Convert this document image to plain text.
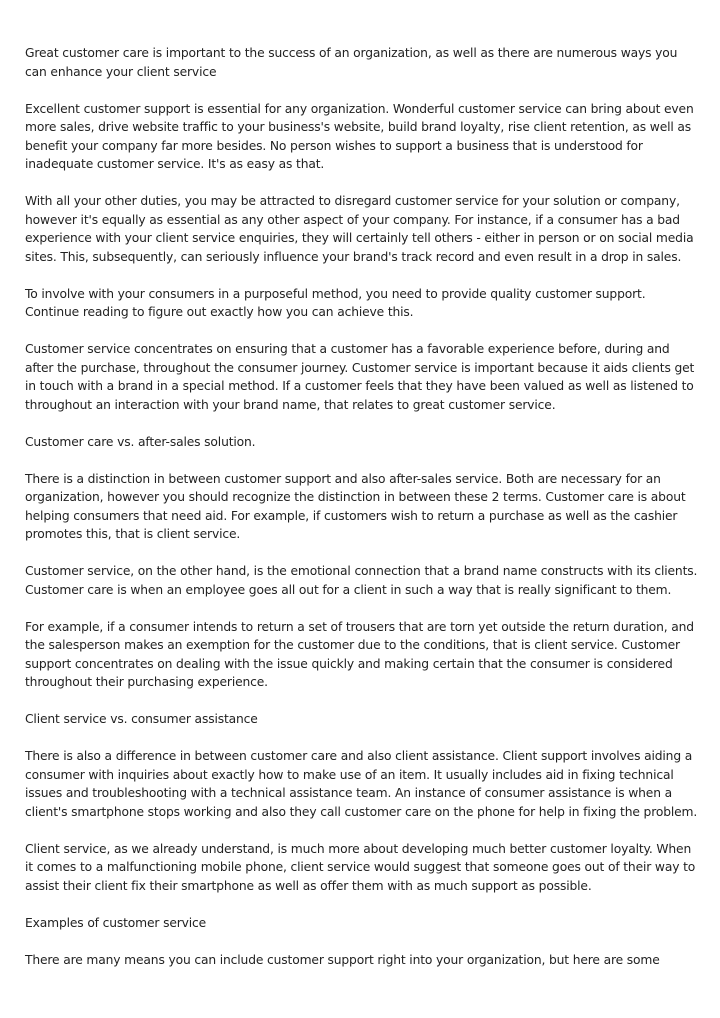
Great customer care is important to the success of an organization, as well as there are numerous ways you can enhance your client service

Excellent customer support is essential for any organization. Wonderful customer service can bring about even more sales, drive website traffic to your business's website, build brand loyalty, rise client retention, as well as benefit your company far more besides. No person wishes to support a business that is understood for inadequate customer service. It's as easy as that.

With all your other duties, you may be attracted to disregard customer service for your solution or company, however it's equally as essential as any other aspect of your company. For instance, if a consumer has a bad experience with your client service enquiries, they will certainly tell others - either in person or on social media sites. This, subsequently, can seriously influence your brand's track record and even result in a drop in sales.

To involve with your consumers in a purposeful method, you need to provide quality customer support. Continue reading to figure out exactly how you can achieve this.

Customer service concentrates on ensuring that a customer has a favorable experience before, during and after the purchase, throughout the consumer journey. Customer service is important because it aids clients get in touch with a brand in a special method. If a customer feels that they have been valued as well as listened to throughout an interaction with your brand name, that relates to great customer service.

Customer care vs. after-sales solution.

There is a distinction in between customer support and also after-sales service. Both are necessary for an organization, however you should recognize the distinction in between these 2 terms. Customer care is about helping consumers that need aid. For example, if customers wish to return a purchase as well as the cashier promotes this, that is client service.

Customer service, on the other hand, is the emotional connection that a brand name constructs with its clients. Customer care is when an employee goes all out for a client in such a way that is really significant to them.

For example, if a consumer intends to return a set of trousers that are torn yet outside the return duration, and the salesperson makes an exemption for the customer due to the conditions, that is client service. Customer support concentrates on dealing with the issue quickly and making certain that the consumer is considered throughout their purchasing experience.

Client service vs. consumer assistance

There is also a difference in between customer care and also client assistance. Client support involves aiding a consumer with inquiries about exactly how to make use of an item. It usually includes aid in fixing technical issues and troubleshooting with a technical assistance team. An instance of consumer assistance is when a client's smartphone stops working and also they call customer care on the phone for help in fixing the problem.

Client service, as we already understand, is much more about developing much better customer loyalty. When it comes to a malfunctioning mobile phone, client service would suggest that someone goes out of their way to assist their client fix their smartphone as well as offer them with as much support as possible.

Examples of customer service

There are many means you can include customer support right into your organization, but here are some
